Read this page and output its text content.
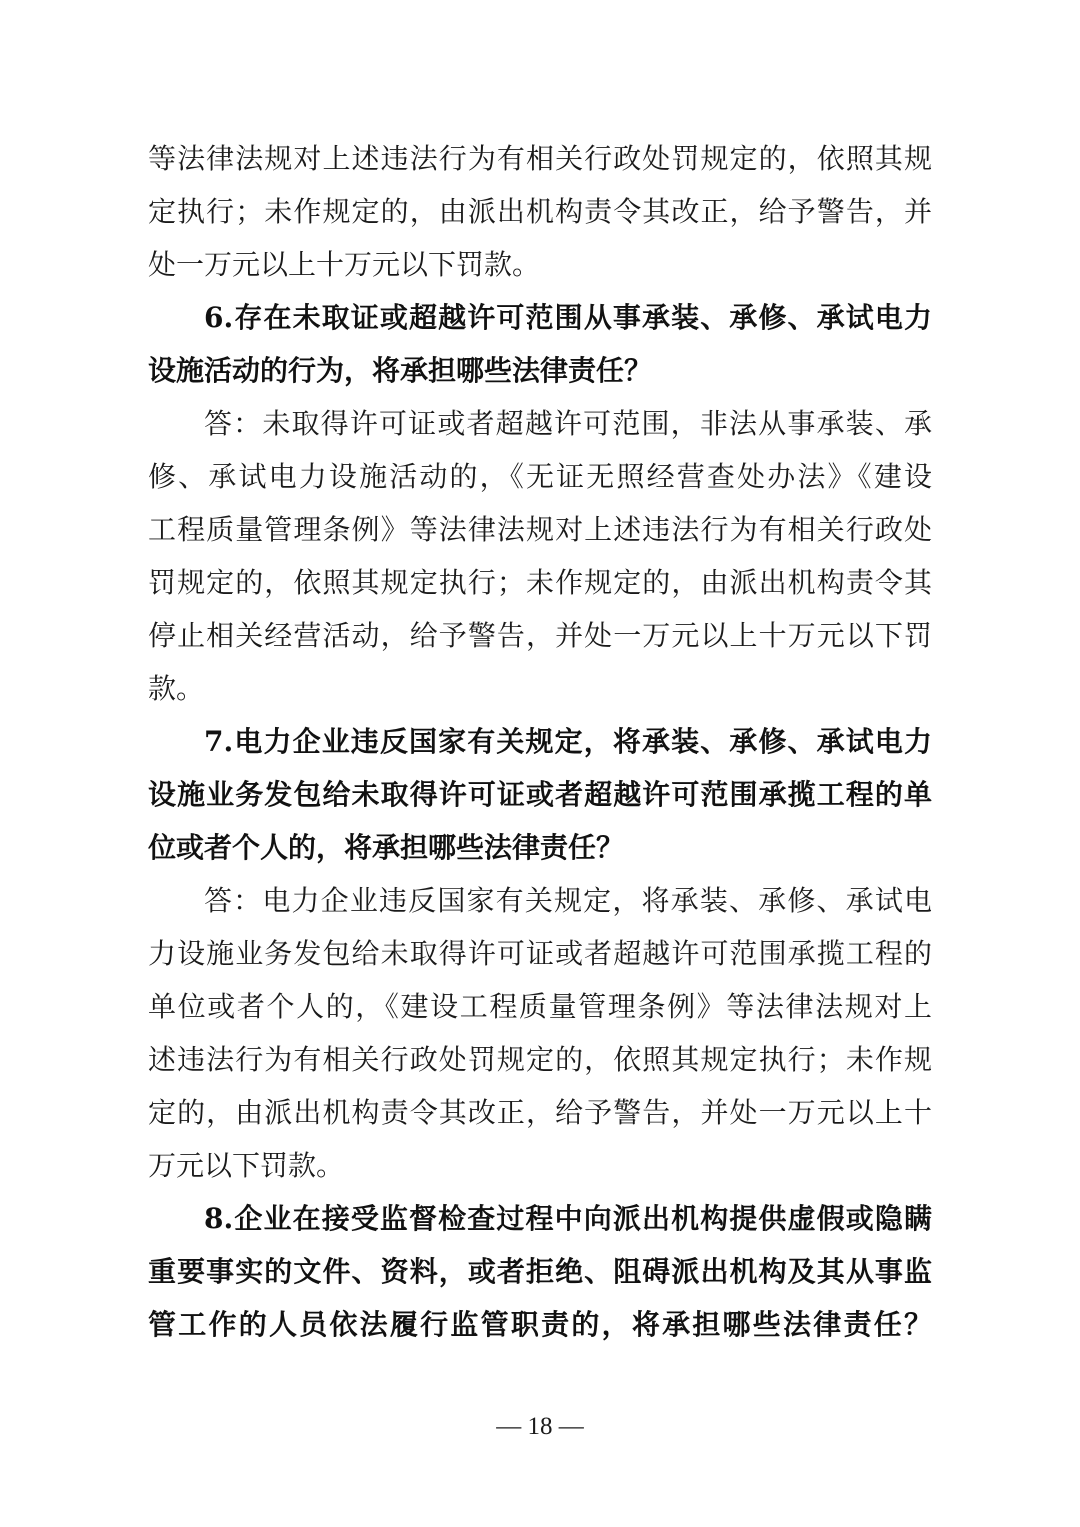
等法律法规对上述违法行为有相关行政处罚规定的，依照其规
定执行；未作规定的，由派出机构责令其改正，给予警告，并
处一万元以上十万元以下罚款。
6.存在未取证或超越许可范围从事承装、承修、承试电力
设施活动的行为，将承担哪些法律责任？
答：未取得许可证或者超越许可范围，非法从事承装、承
修、承试电力设施活动的，《无证无照经营查处办法》《建设
工程质量管理条例》等法律法规对上述违法行为有相关行政处
罚规定的，依照其规定执行；未作规定的，由派出机构责令其
停止相关经营活动，给予警告，并处一万元以上十万元以下罚
款。
7.电力企业违反国家有关规定，将承装、承修、承试电力
设施业务发包给未取得许可证或者超越许可范围承揽工程的单
位或者个人的，将承担哪些法律责任？
答：电力企业违反国家有关规定，将承装、承修、承试电
力设施业务发包给未取得许可证或者超越许可范围承揽工程的
单位或者个人的，《建设工程质量管理条例》等法律法规对上
述违法行为有相关行政处罚规定的，依照其规定执行；未作规
定的，由派出机构责令其改正，给予警告，并处一万元以上十
万元以下罚款。
8.企业在接受监督检查过程中向派出机构提供虚假或隐瞒
重要事实的文件、资料，或者拒绝、阻碍派出机构及其从事监
管工作的人员依法履行监管职责的，将承担哪些法律责任？
— 18 —
